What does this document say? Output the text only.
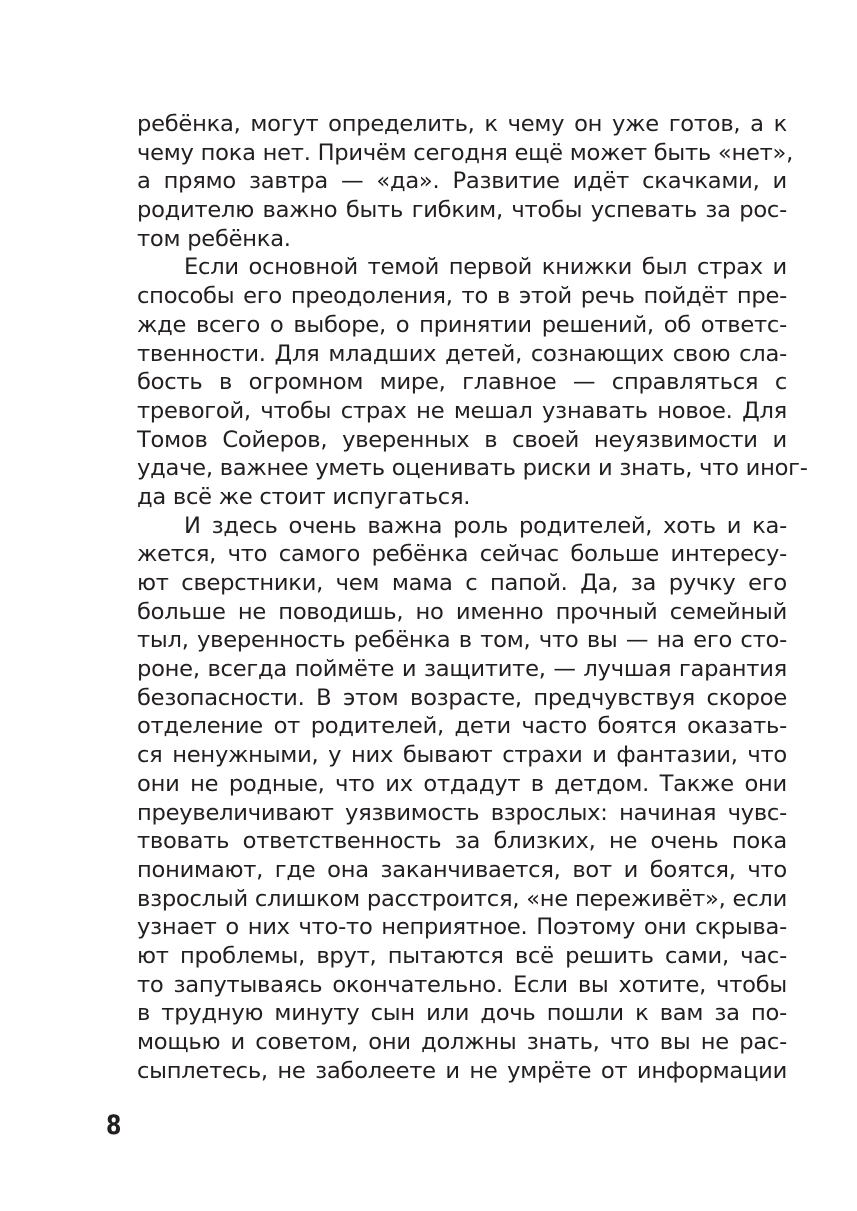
ребёнка, могут определить, к чему он уже готов, а к
чему пока нет. Причём сегодня ещё может быть «нет»,
а прямо завтра — «да». Развитие идёт скачками, и
родителю важно быть гибким, чтобы успевать за рос-
том ребёнка.

Если основной темой первой книжки был страх и
способы его преодоления, то в этой речь пойдёт пре-
жде всего о выборе, о принятии решений, об ответс-
твенности. Для младших детей, сознающих свою сла-
бость в огромном мире, главное — справляться с
тревогой, чтобы страх не мешал узнавать новое. Для
Томов Сойеров, уверенных в своей неуязвимости и
удаче, важнее уметь оценивать риски и знать, что иног-
да всё же стоит испугаться.

И здесь очень важна роль родителей, хоть и ка-
жется, что самого ребёнка сейчас больше интересу-
ют сверстники, чем мама с папой. Да, за ручку его
больше не поводишь, но именно прочный семейный
тыл, уверенность ребёнка в том, что вы — на его сто-
роне, всегда поймёте и защитите, — лучшая гарантия
безопасности. В этом возрасте, предчувствуя скорое
отделение от родителей, дети часто боятся оказать-
ся ненужными, у них бывают страхи и фантазии, что
они не родные, что их отдадут в детдом. Также они
преувеличивают уязвимость взрослых: начиная чувс-
твовать ответственность за близких, не очень пока
понимают, где она заканчивается, вот и боятся, что
взрослый слишком расстроится, «не переживёт», если
узнает о них что-то неприятное. Поэтому они скрыва-
ют проблемы, врут, пытаются всё решить сами, час-
то запутываясь окончательно. Если вы хотите, чтобы
в трудную минуту сын или дочь пошли к вам за по-
мощью и советом, они должны знать, что вы не рас-
сыплетесь, не заболеете и не умрёте от информации

8
